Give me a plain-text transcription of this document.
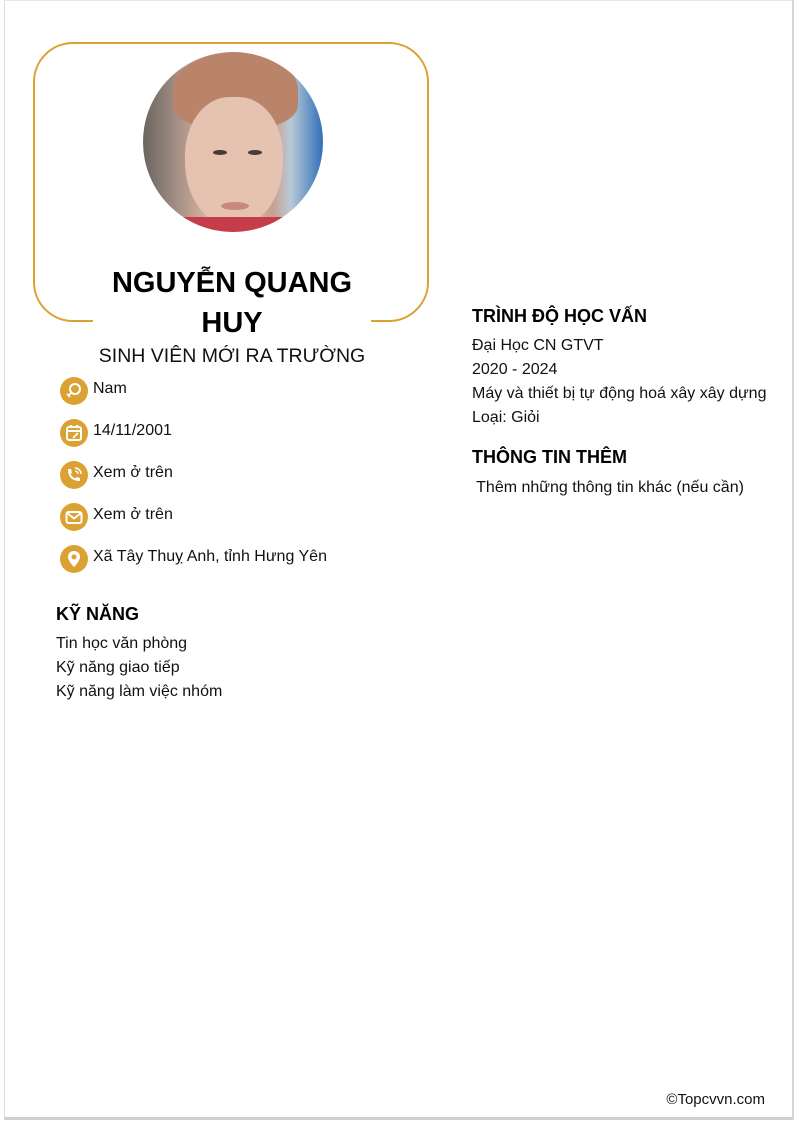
NGUYỄN QUANG HUY
SINH VIÊN MỚI RA TRƯỜNG
Nam
14/11/2001
Xem ở trên
Xem ở trên
Xã Tây Thuỵ Anh, tỉnh Hưng Yên
KỸ NĂNG
Tin học văn phòng
Kỹ năng giao tiếp
Kỹ năng làm việc nhóm
TRÌNH ĐỘ HỌC VẤN
Đại Học CN GTVT
2020 - 2024
Máy và thiết bị tự động hoá xây xây dựng
Loại: Giỏi
THÔNG TIN THÊM
Thêm những thông tin khác (nếu cần)
©Topcvvn.com
